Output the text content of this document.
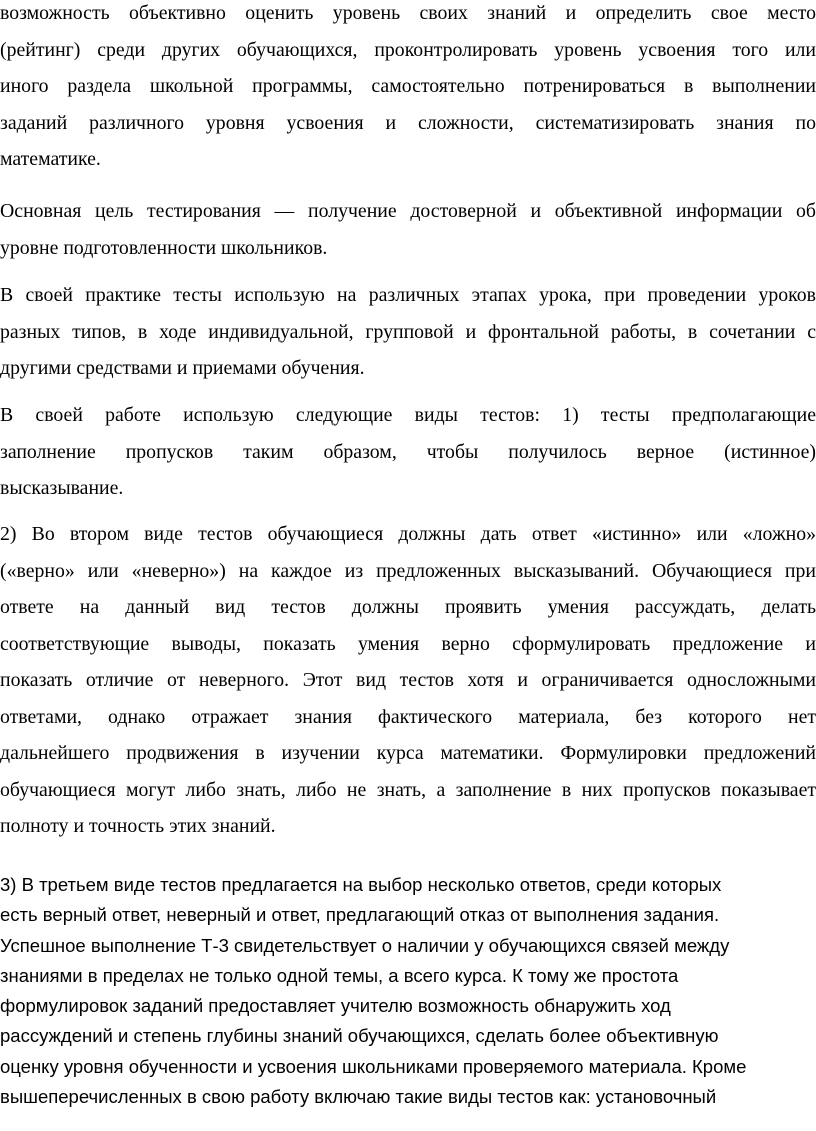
возможность объективно оценить уровень своих знаний и определить свое место
(рейтинг) среди других обучающихся, проконтролировать уровень усвоения того или
иного раздела школьной программы, самостоятельно потренироваться в выполнении
заданий различного уровня усвоения и сложности, систематизировать знания по
математике.
Основная цель тестирования — получение достоверной и объективной информации об
уровне подготовленности школьников.
В своей практике тесты использую на различных этапах урока, при проведении уроков
разных типов, в ходе индивидуальной, групповой и фронтальной работы, в сочетании с
другими средствами и приемами обучения.
В своей работе использую следующие виды тестов: 1) тесты предполагающие
заполнение пропусков таким образом, чтобы получилось верное (истинное)
высказывание.
2) Во втором виде тестов обучающиеся должны дать ответ «истинно» или «ложно»
(«верно» или «неверно») на каждое из предложенных высказываний. Обучающиеся при
ответе на данный вид тестов должны проявить умения рассуждать, делать
соответствующие выводы, показать умения верно сформулировать предложение и
показать отличие от неверного. Этот вид тестов хотя и ограничивается односложными
ответами, однако отражает знания фактического материала, без которого нет
дальнейшего продвижения в изучении курса математики. Формулировки предложений
обучающиеся могут либо знать, либо не знать, а заполнение в них пропусков показывает
полноту и точность этих знаний.
3) В третьем виде тестов предлагается на выбор несколько ответов, среди которых
есть верный ответ, неверный и ответ, предлагающий отказ от выполнения задания.
Успешное выполнение Т-3 свидетельствует о наличии у обучающихся связей между
знаниями в пределах не только одной темы, а всего курса. К тому же простота
формулировок заданий предоставляет учителю возможность обнаружить ход
рассуждений и степень глубины знаний обучающихся, сделать более объективную
оценку уровня обученности и усвоения школьниками проверяемого материала. Кроме
вышеперечисленных в свою работу включаю такие виды тестов как: установочный
